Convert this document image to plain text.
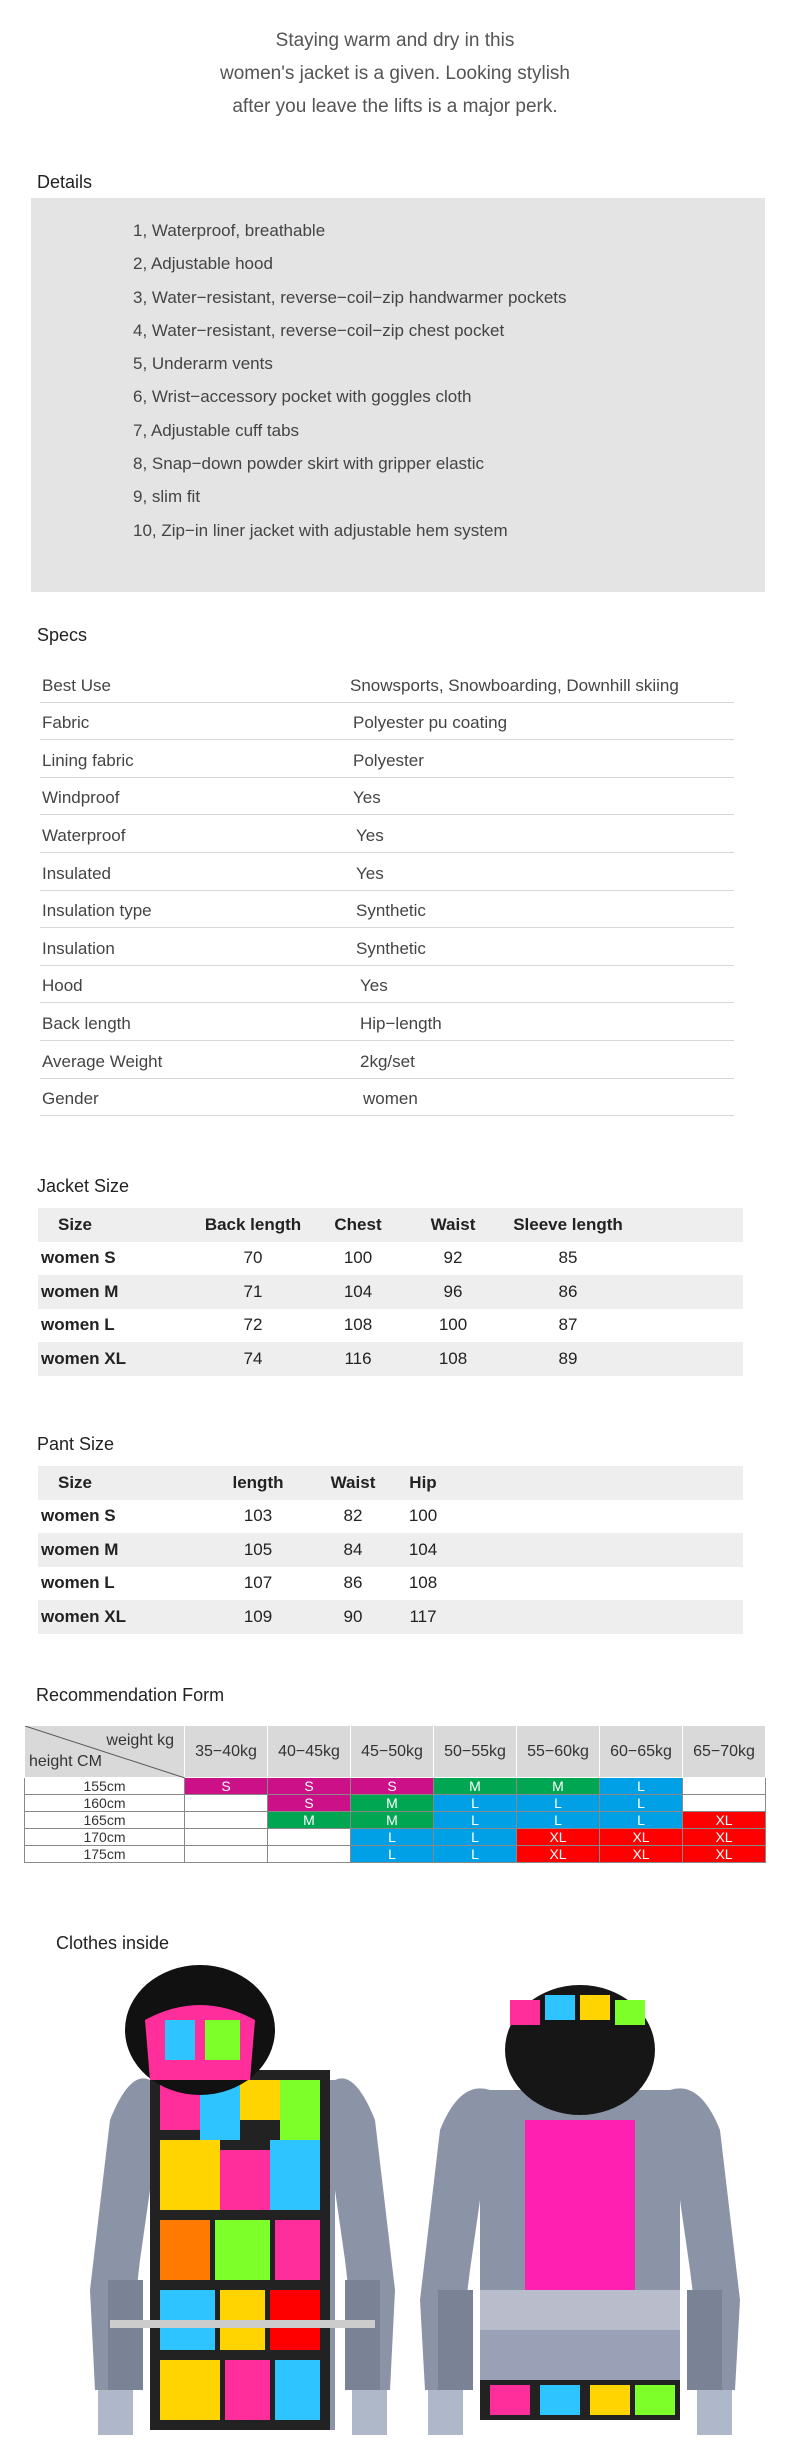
Staying warm and dry in this
women's jacket is a given. Looking stylish
after you leave the lifts is a major perk.
Details
1, Waterproof, breathable
2, Adjustable hood
3, Water−resistant, reverse−coil−zip handwarmer pockets
4, Water−resistant, reverse−coil−zip chest pocket
5, Underarm vents
6, Wrist−accessory pocket with goggles cloth
7, Adjustable cuff tabs
8, Snap−down powder skirt with gripper elastic
9, slim fit
10, Zip−in liner jacket with adjustable hem system
Specs
Best Use	Snowsports, Snowboarding, Downhill skiing
Fabric	Polyester pu coating
Lining fabric	Polyester
Windproof	Yes
Waterproof	Yes
Insulated	Yes
Insulation type	Synthetic
Insulation	Synthetic
Hood	Yes
Back length	Hip−length
Average Weight	2kg/set
Gender	women
Jacket Size
Size	Back length	Chest	Waist	Sleeve length	
women S	70	100	92	85	
women M	71	104	96	86	
women L	72	108	100	87	
women XL	74	116	108	89	
Pant Size
Size	length	Waist	Hip	
women S	103	82	100	
women M	105	84	104	
women L	107	86	108	
women XL	109	90	117	
Recommendation Form
weight kg
height CM	35−40kg	40−45kg	45−50kg	50−55kg	55−60kg	60−65kg	65−70kg
155cm	S	S	S	M	M	L	
160cm		S	M	L	L	L	
165cm		M	M	L	L	L	XL
170cm			L	L	XL	XL	XL
175cm			L	L	XL	XL	XL
Clothes inside
